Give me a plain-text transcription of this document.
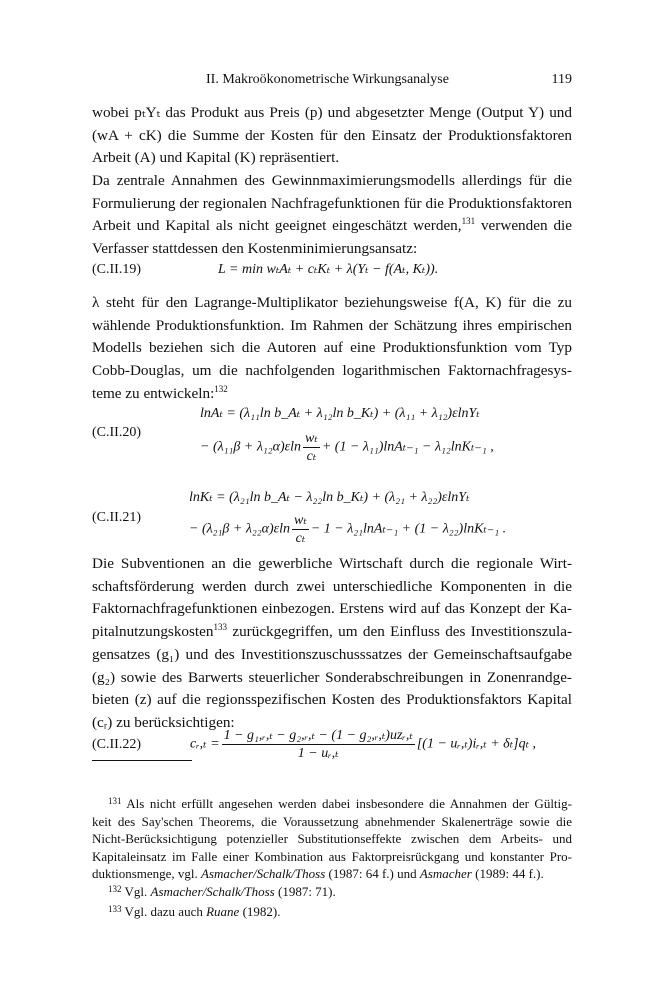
II. Makroökonometrische Wirkungsanalyse	119
wobei pₜYₜ das Produkt aus Preis (p) und abgesetzter Menge (Output Y) und
(wA + cK) die Summe der Kosten für den Einsatz der Produktionsfaktoren
Arbeit (A) und Kapital (K) repräsentiert.
Da zentrale Annahmen des Gewinnmaximierungsmodells allerdings für die
Formulierung der regionalen Nachfragefunktionen für die Produktionsfaktoren
Arbeit und Kapital als nicht geeignet eingeschätzt werden,$^{131}$ verwenden die
Verfasser stattdessen den Kostenminimierungsansatz:
(C.II.19)	L = min wₜAₜ + cₜKₜ + λ(Yₜ − f(Aₜ, Kₜ)).
λ steht für den Lagrange-Multiplikator beziehungsweise f(A, K) für die zu
wählende Produktionsfunktion. Im Rahmen der Schätzung ihres empirischen
Modells beziehen sich die Autoren auf eine Produktionsfunktion vom Typ
Cobb-Douglas, um die nachfolgenden logarithmischen Faktornachfragesys-
teme zu entwickeln:$^{132}$
(C.II.20)
lnAₜ = (λ₁₁ln b_Aₜ + λ₁₂ln b_Kₜ) + (λ₁₁ + λ₁₂)εlnYₜ
− $(\lambda_{11}\beta + \lambda_{12}\alpha)\varepsilon\ln \frac{\text{wₜ}}{\text{cₜ}} + (1 - \lambda_{11})\ln A_{t-1} - \lambda_{12}\ln K_{t-1}$ ,
(C.II.21)
lnKₜ = (λ₂₁ln b_Aₜ − λ₂₂ln b_Kₜ) + (λ₂₁ + λ₂₂)εlnYₜ
− $(\lambda_{21}\beta + \lambda_{22}\alpha)\varepsilon\ln \frac{\text{wₜ}}{\text{cₜ}} - 1 - \lambda_{21}\ln A_{t-1} + (1 - \lambda_{22})\ln K_{t-1}$ .
Die Subventionen an die gewerbliche Wirtschaft durch die regionale Wirt-
schaftsförderung werden durch zwei unterschiedliche Komponenten in die
Faktornachfragefunktionen einbezogen. Erstens wird auf das Konzept der Ka-
pitalnutzungskosten$^{133}$ zurückgegriffen, um den Einfluss des Investitionszula-
gensatzes (g₁) und des Investitionszuschusssatzes der Gemeinschaftsaufgabe
(g₂) sowie des Barwerts steuerlicher Sonderabschreibungen in Zonenrandge-
bieten (z) auf die regionsspezifischen Kosten des Produktionsfaktors Kapital
(cᵣ) zu berücksichtigen:
(C.II.22)	cᵣ,ₜ = $\frac{\text{1 − g₁,ᵣ,ₜ − g₂,ᵣ,ₜ − (1 − g₂,ᵣ,ₜ)uzᵣ,ₜ}}{\text{1 − uᵣ,ₜ}} [(1$ − uᵣ,ₜ)iᵣ,ₜ + δₜ]qₜ ,
$^{131}$ Als nicht erfüllt angesehen werden dabei insbesondere die Annahmen der Gültig-
keit des Say'schen Theorems, die Voraussetzung abnehmender Skalenerträge sowie die
Nicht-Berücksichtigung potenzieller Substitutionseffekte zwischen dem Arbeits- und
Kapitaleinsatz im Falle einer Kombination aus Faktorpreisrückgang und konstanter Pro-
duktionsmenge, vgl. Asmacher/Schalk/Thoss (1987: 64 f.) und Asmacher (1989: 44 f.).
$^{132}$ Vgl. Asmacher/Schalk/Thoss (1987: 71).
$^{133}$ Vgl. dazu auch Ruane (1982).
